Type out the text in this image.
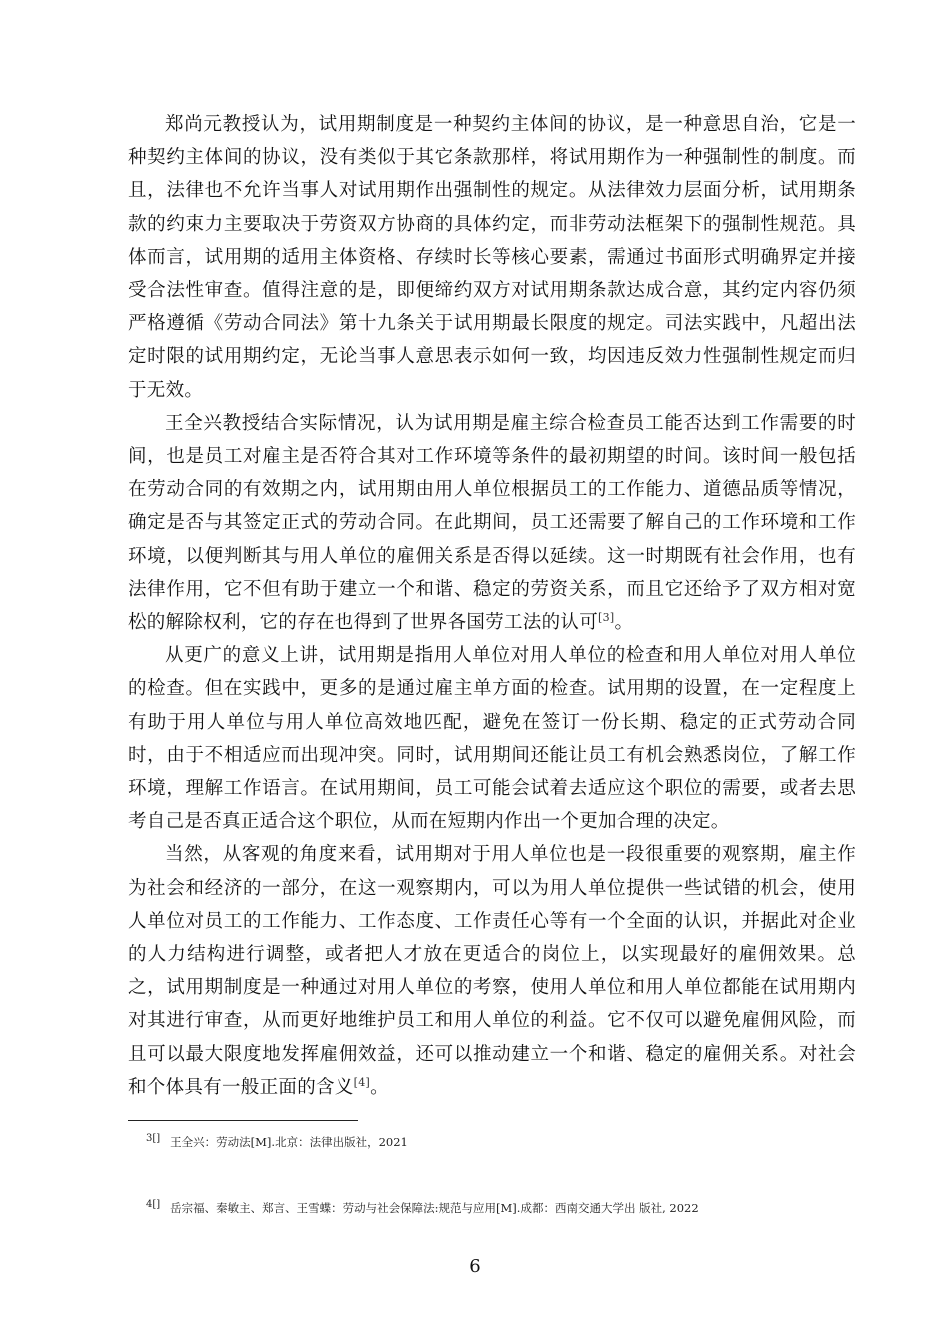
郑尚元教授认为，试用期制度是一种契约主体间的协议，是一种意思自治，它是一种契约主体间的协议，没有类似于其它条款那样，将试用期作为一种强制性的制度。而且，法律也不允许当事人对试用期作出强制性的规定。从法律效力层面分析，试用期条款的约束力主要取决于劳资双方协商的具体约定，而非劳动法框架下的强制性规范。具体而言，试用期的适用主体资格、存续时长等核心要素，需通过书面形式明确界定并接受合法性审查。值得注意的是，即便缔约双方对试用期条款达成合意，其约定内容仍须严格遵循《劳动合同法》第十九条关于试用期最长限度的规定。司法实践中，凡超出法定时限的试用期约定，无论当事人意思表示如何一致，均因违反效力性强制性规定而归于无效。

王全兴教授结合实际情况，认为试用期是雇主综合检查员工能否达到工作需要的时间，也是员工对雇主是否符合其对工作环境等条件的最初期望的时间。该时间一般包括在劳动合同的有效期之内，试用期由用人单位根据员工的工作能力、道德品质等情况，确定是否与其签定正式的劳动合同。在此期间，员工还需要了解自己的工作环境和工作环境，以便判断其与用人单位的雇佣关系是否得以延续。这一时期既有社会作用，也有法律作用，它不但有助于建立一个和谐、稳定的劳资关系，而且它还给予了双方相对宽松的解除权利，它的存在也得到了世界各国劳工法的认可[3]。

从更广的意义上讲，试用期是指用人单位对用人单位的检查和用人单位对用人单位的检查。但在实践中，更多的是通过雇主单方面的检查。试用期的设置，在一定程度上有助于用人单位与用人单位高效地匹配，避免在签订一份长期、稳定的正式劳动合同时，由于不相适应而出现冲突。同时，试用期间还能让员工有机会熟悉岗位，了解工作环境，理解工作语言。在试用期间，员工可能会试着去适应这个职位的需要，或者去思考自己是否真正适合这个职位，从而在短期内作出一个更加合理的决定。

当然，从客观的角度来看，试用期对于用人单位也是一段很重要的观察期，雇主作为社会和经济的一部分，在这一观察期内，可以为用人单位提供一些试错的机会，使用人单位对员工的工作能力、工作态度、工作责任心等有一个全面的认识，并据此对企业的人力结构进行调整，或者把人才放在更适合的岗位上，以实现最好的雇佣效果。总之，试用期制度是一种通过对用人单位的考察，使用人单位和用人单位都能在试用期内对其进行审查，从而更好地维护员工和用人单位的利益。它不仅可以避免雇佣风险，而且可以最大限度地发挥雇佣效益，还可以推动建立一个和谐、稳定的雇佣关系。对社会和个体具有一般正面的含义[4]。

3[] 王全兴：劳动法[M].北京：法律出版社，2021
4[] 岳宗福、秦敏主、郑言、王雪蝶：劳动与社会保障法:规范与应用[M].成都：西南交通大学出 版社, 2022
6
